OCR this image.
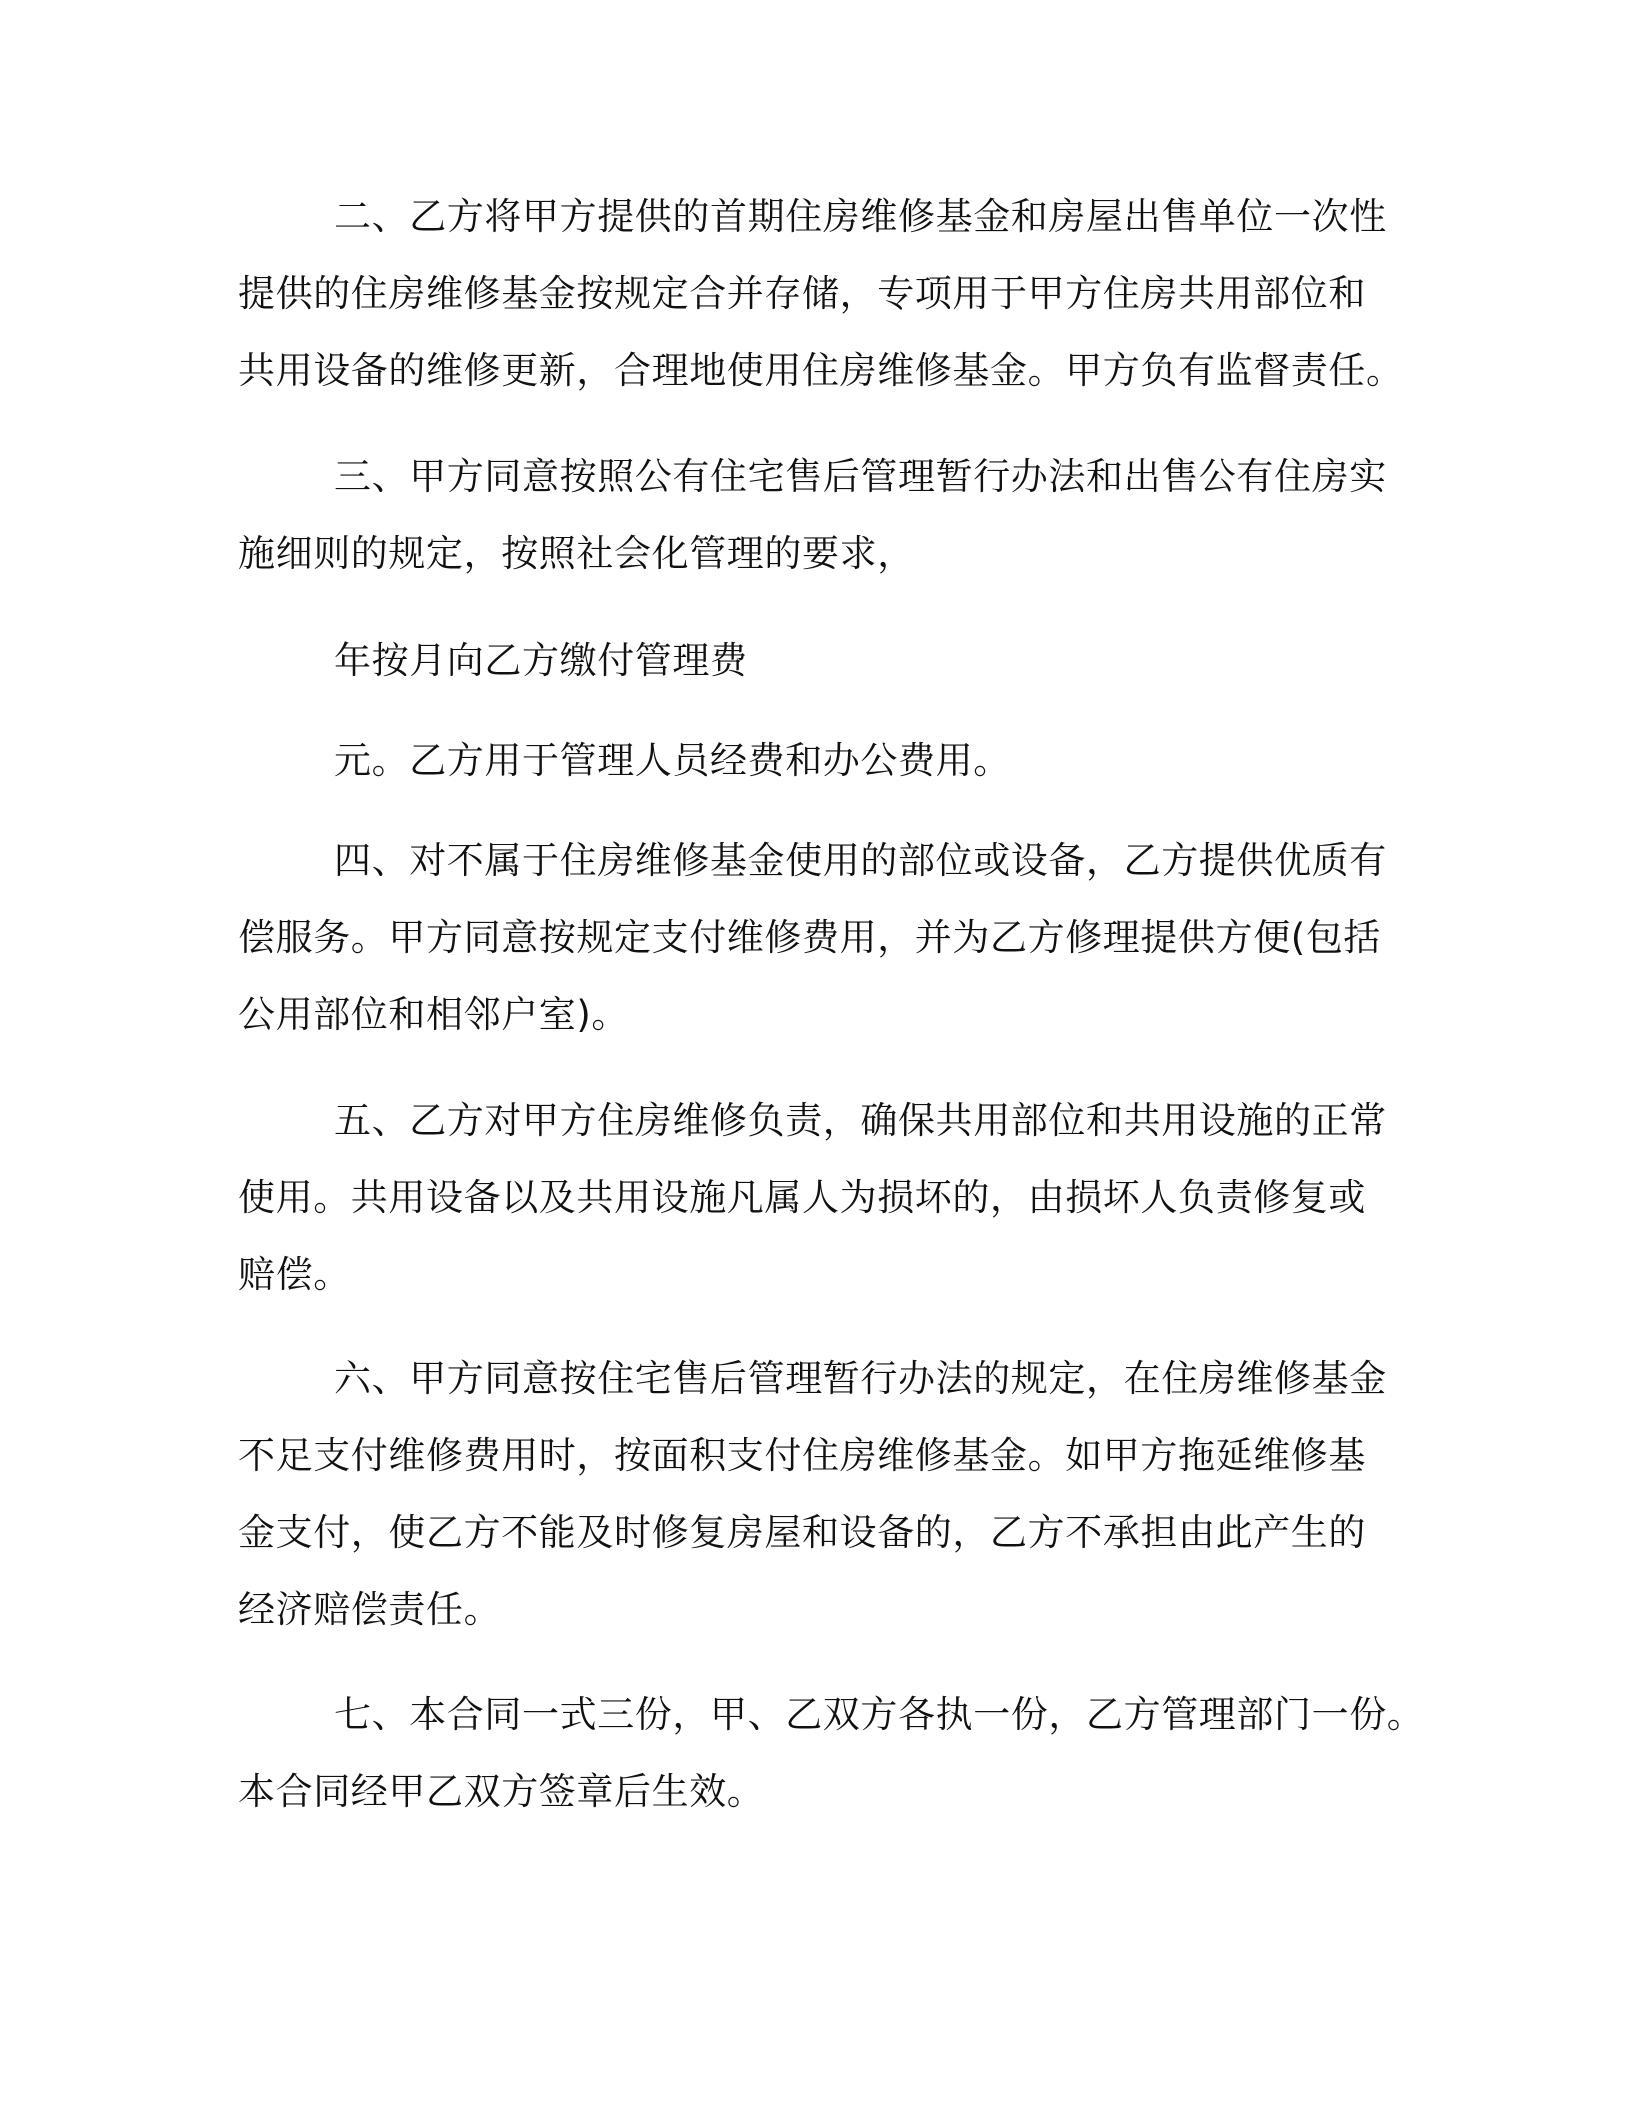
二、乙方将甲方提供的首期住房维修基金和房屋出售单位一次性
提供的住房维修基金按规定合并存储，专项用于甲方住房共用部位和
共用设备的维修更新，合理地使用住房维修基金。甲方负有监督责任。

三、甲方同意按照公有住宅售后管理暂行办法和出售公有住房实
施细则的规定，按照社会化管理的要求，

年按月向乙方缴付管理费

元。乙方用于管理人员经费和办公费用。

四、对不属于住房维修基金使用的部位或设备，乙方提供优质有
偿服务。甲方同意按规定支付维修费用，并为乙方修理提供方便(包括
公用部位和相邻户室)。

五、乙方对甲方住房维修负责，确保共用部位和共用设施的正常
使用。共用设备以及共用设施凡属人为损坏的，由损坏人负责修复或
赔偿。

六、甲方同意按住宅售后管理暂行办法的规定，在住房维修基金
不足支付维修费用时，按面积支付住房维修基金。如甲方拖延维修基
金支付，使乙方不能及时修复房屋和设备的，乙方不承担由此产生的
经济赔偿责任。

七、本合同一式三份，甲、乙双方各执一份，乙方管理部门一份。
本合同经甲乙双方签章后生效。
